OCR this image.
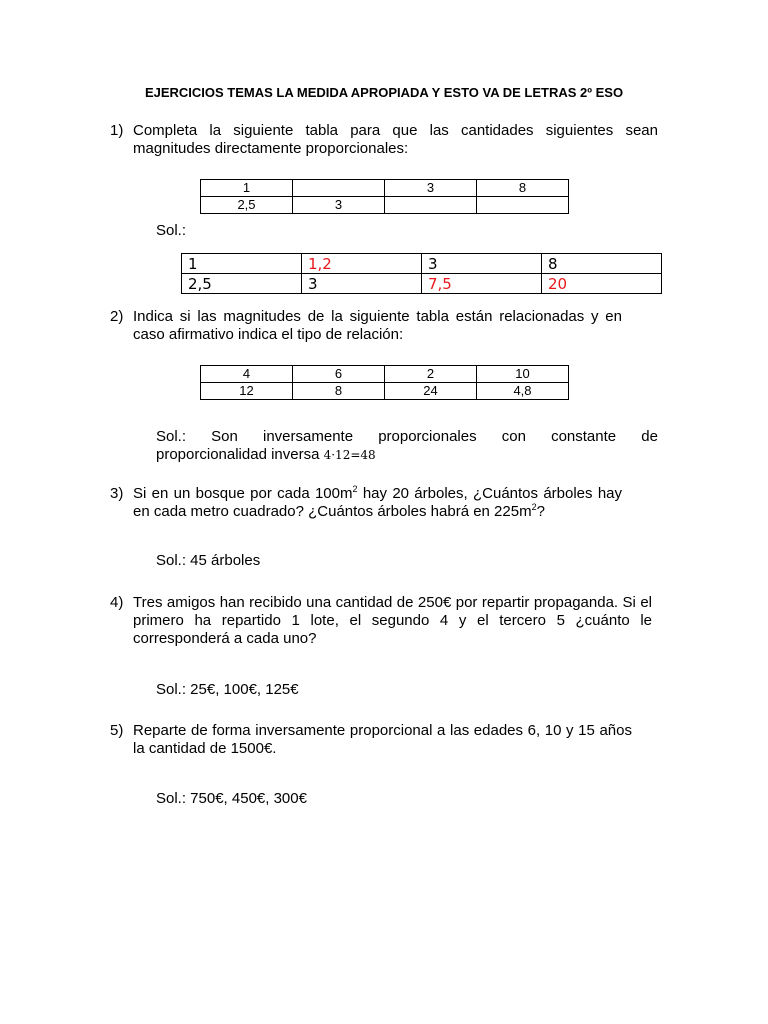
EJERCICIOS TEMAS LA MEDIDA APROPIADA Y ESTO VA DE LETRAS 2º ESO
1) Completa la siguiente tabla para que las cantidades siguientes sean magnitudes directamente proporcionales:
1		3	8
2,5	3		
Sol.:
1	1,2	3	8
2,5	3	7,5	20
2) Indica si las magnitudes de la siguiente tabla están relacionadas y en caso afirmativo indica el tipo de relación:
4	6	2	10
12	8	24	4,8
Sol.: Son inversamente proporcionales con constante de
proporcionalidad inversa 4·12=48
3) Si en un bosque por cada $100m^2$ hay 20 árboles, ¿Cuántos árboles hay en cada metro cuadrado? ¿Cuántos árboles habrá en $225m^2$?
Sol.: 45 árboles
4) Tres amigos han recibido una cantidad de 250€ por repartir propaganda. Si el primero ha repartido 1 lote, el segundo 4 y el tercero 5 ¿cuánto le corresponderá a cada uno?
Sol.: 25€, 100€, 125€
5) Reparte de forma inversamente proporcional a las edades 6, 10 y 15 años la cantidad de 1500€.
Sol.: 750€, 450€, 300€
